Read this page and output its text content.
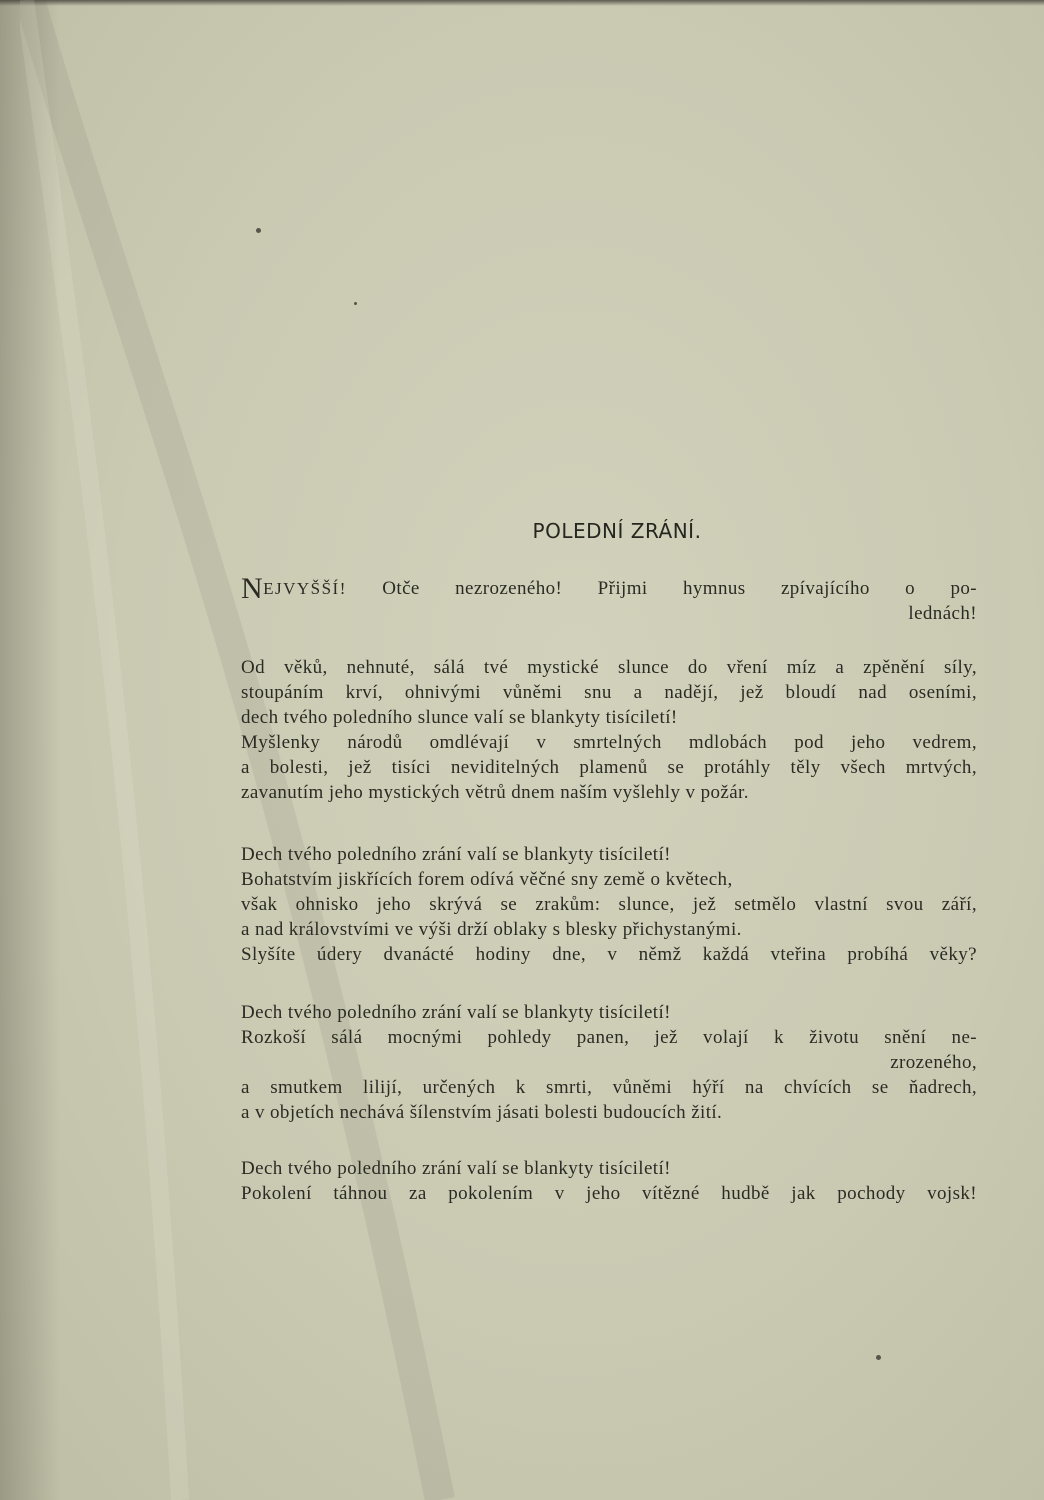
POLEDNÍ ZRÁNÍ.
NEJVYŠŠÍ! Otče nezrozeného! Přijmi hymnus zpívajícího o po-
lednách!
Od věků, nehnuté, sálá tvé mystické slunce do vření míz a zpěnění síly,
stoupáním krví, ohnivými vůněmi snu a nadějí, jež bloudí nad oseními,
dech tvého poledního slunce valí se blankyty tisíciletí!
Myšlenky národů omdlévají v smrtelných mdlobách pod jeho vedrem,
a bolesti, jež tisíci neviditelných plamenů se protáhly těly všech mrtvých,
zavanutím jeho mystických větrů dnem naším vyšlehly v požár.
Dech tvého poledního zrání valí se blankyty tisíciletí!
Bohatstvím jiskřících forem odívá věčné sny země o květech,
však ohnisko jeho skrývá se zrakům: slunce, jež setmělo vlastní svou září,
a nad královstvími ve výši drží oblaky s blesky přichystanými.
Slyšíte údery dvanácté hodiny dne, v němž každá vteřina probíhá věky?
Dech tvého poledního zrání valí se blankyty tisíciletí!
Rozkoší sálá mocnými pohledy panen, jež volají k životu snění ne-
zrozeného,
a smutkem lilijí, určených k smrti, vůněmi hýří na chvících se ňadrech,
a v objetích nechává šílenstvím jásati bolesti budoucích žití.
Dech tvého poledního zrání valí se blankyty tisíciletí!
Pokolení táhnou za pokolením v jeho vítězné hudbě jak pochody vojsk!
